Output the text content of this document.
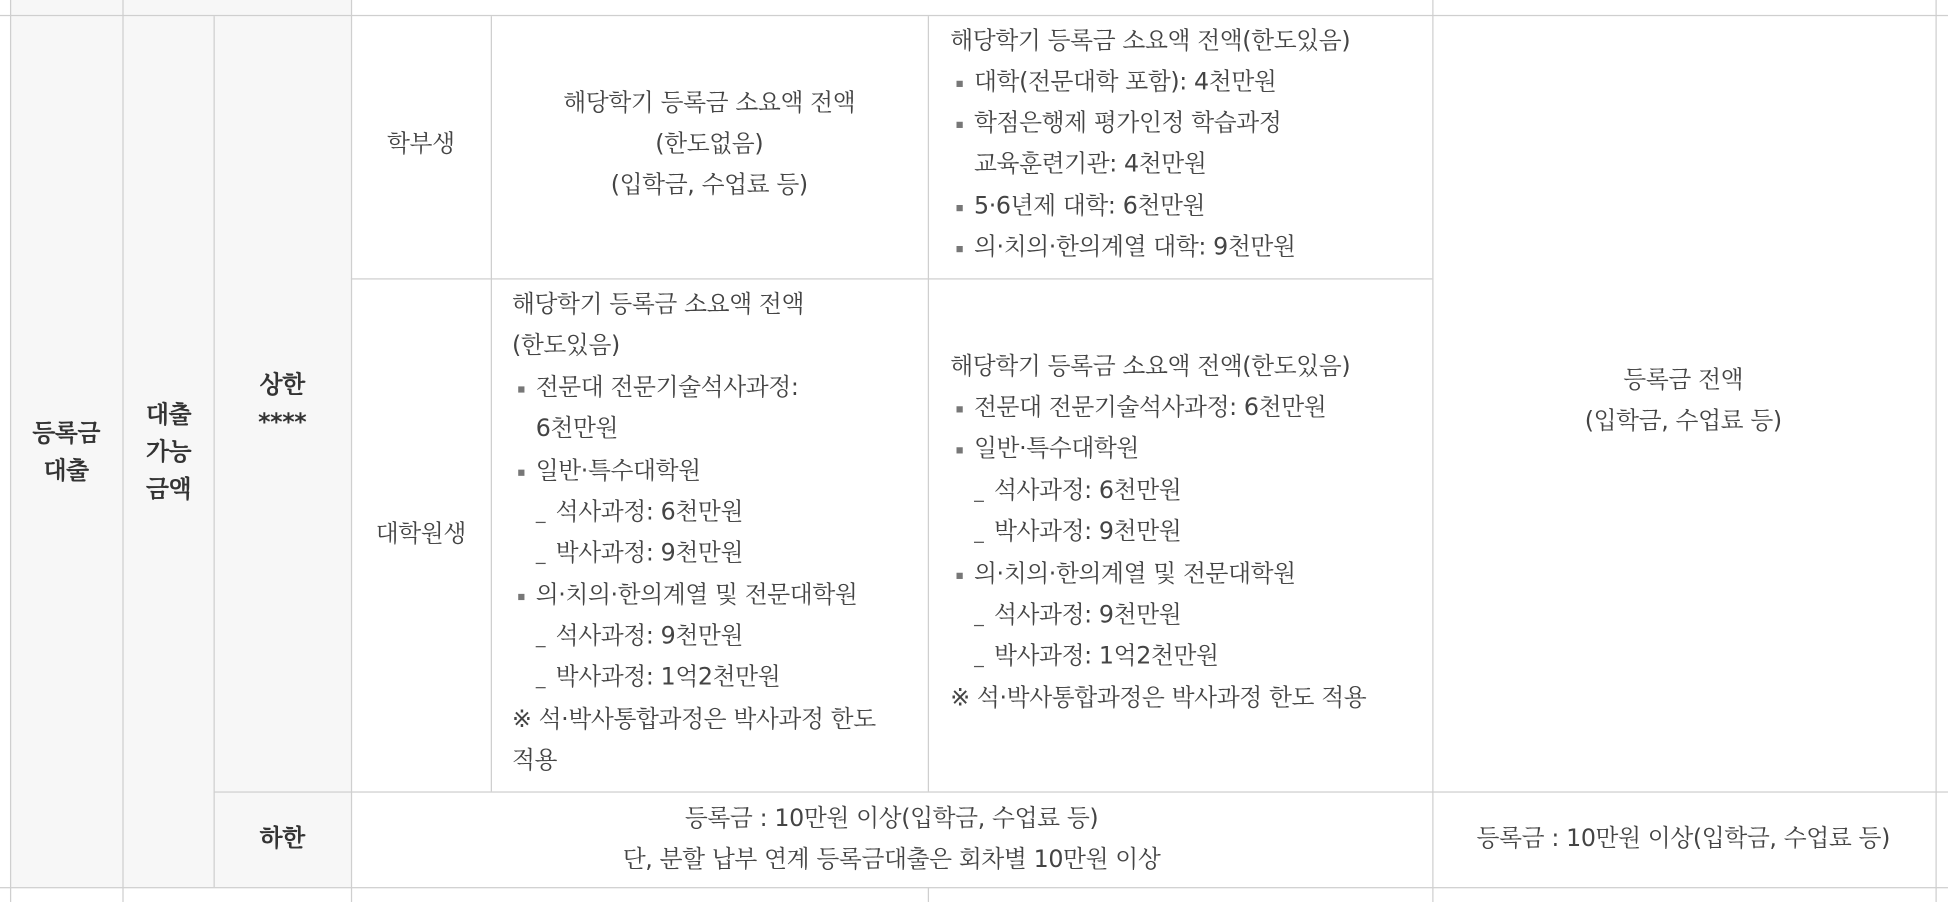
등록금
대출
대출
가능
금액
상한
****
하한
학부생
해당학기 등록금 소요액 전액
(한도없음)
(입학금, 수업료 등)
해당학기 등록금 소요액 전액(한도있음)
대학(전문대학 포함): 4천만원
학점은행제 평가인정 학습과정
교육훈련기관: 4천만원
5·6년제 대학: 6천만원
의·치의·한의계열 대학: 9천만원
대학원생
해당학기 등록금 소요액 전액
(한도있음)
전문대 전문기술석사과정:
6천만원
일반·특수대학원
석사과정: 6천만원
박사과정: 9천만원
의·치의·한의계열 및 전문대학원
석사과정: 9천만원
박사과정: 1억2천만원
※ 석·박사통합과정은 박사과정 한도
적용
해당학기 등록금 소요액 전액(한도있음)
전문대 전문기술석사과정: 6천만원
일반·특수대학원
석사과정: 6천만원
박사과정: 9천만원
의·치의·한의계열 및 전문대학원
석사과정: 9천만원
박사과정: 1억2천만원
※ 석·박사통합과정은 박사과정 한도 적용
등록금 전액
(입학금, 수업료 등)
등록금 : 10만원 이상(입학금, 수업료 등)
단, 분할 납부 연계 등록금대출은 회차별 10만원 이상
등록금 : 10만원 이상(입학금, 수업료 등)
